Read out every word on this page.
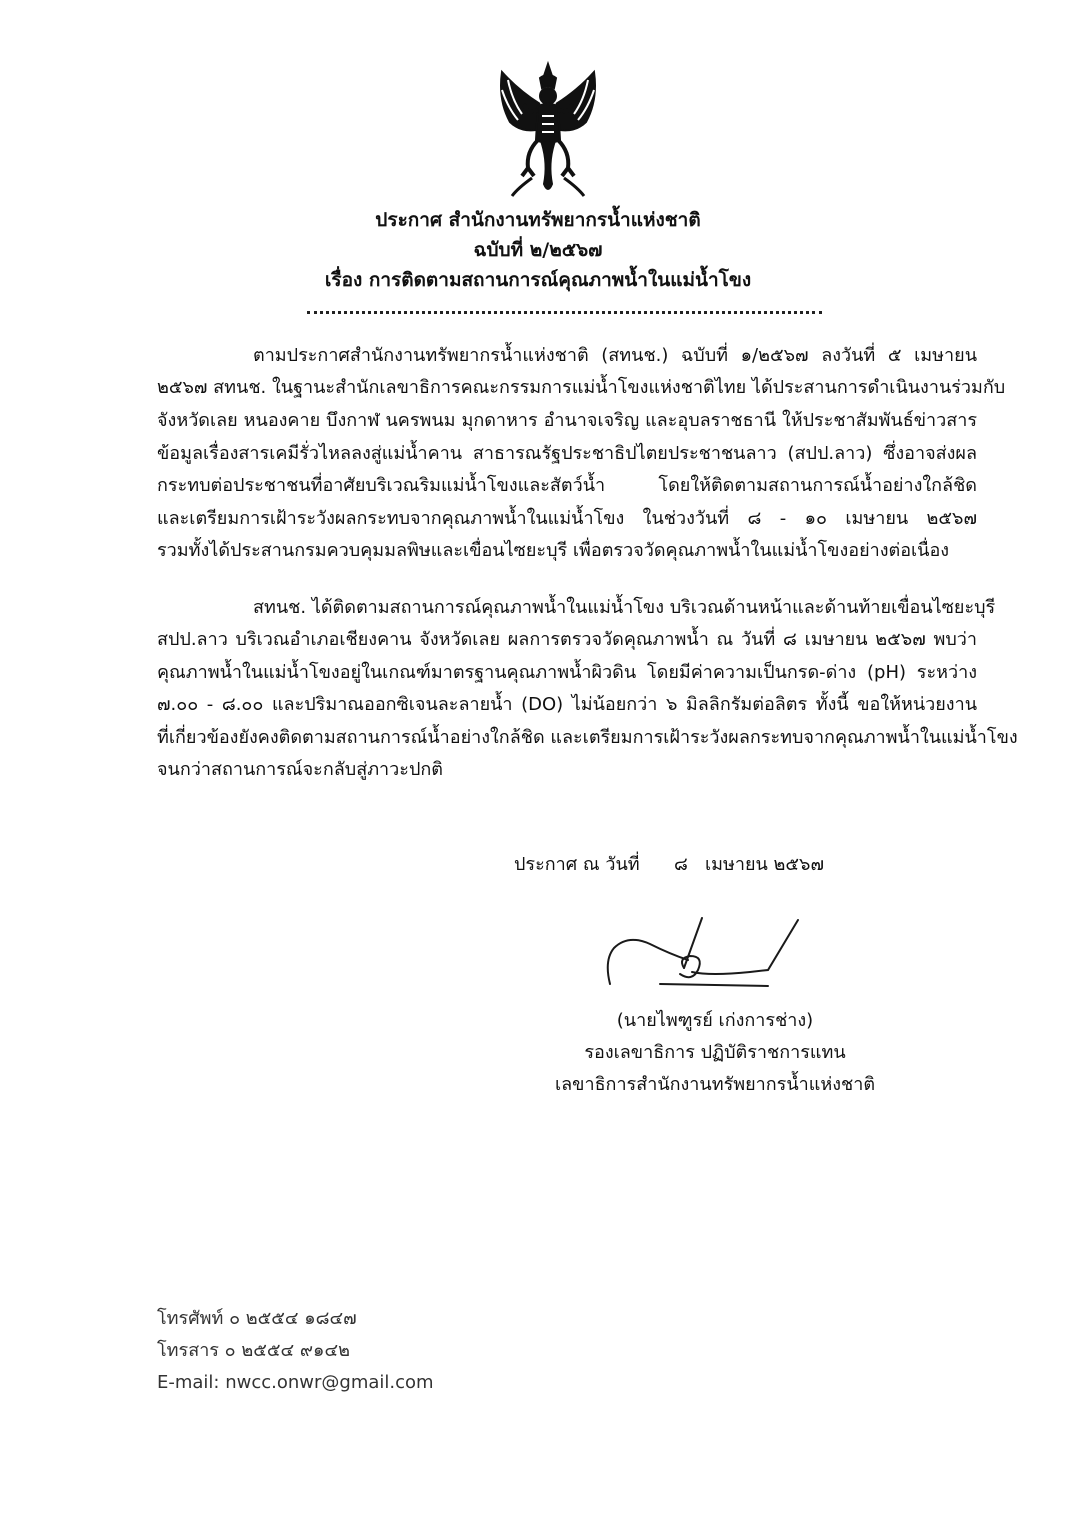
ประกาศ สำนักงานทรัพยากรน้ำแห่งชาติ
ฉบับที่ ๒/๒๕๖๗
เรื่อง การติดตามสถานการณ์คุณภาพน้ำในแม่น้ำโขง
ตามประกาศสำนักงานทรัพยากรน้ำแห่งชาติ (สทนช.) ฉบับที่ ๑/๒๕๖๗ ลงวันที่ ๕ เมษายน
๒๕๖๗ สทนช. ในฐานะสำนักเลขาธิการคณะกรรมการแม่น้ำโขงแห่งชาติไทย ได้ประสานการดำเนินงานร่วมกับ
จังหวัดเลย หนองคาย บึงกาฬ นครพนม มุกดาหาร อำนาจเจริญ และอุบลราชธานี ให้ประชาสัมพันธ์ข่าวสาร
ข้อมูลเรื่องสารเคมีรั่วไหลลงสู่แม่น้ำคาน สาธารณรัฐประชาธิปไตยประชาชนลาว (สปป.ลาว) ซึ่งอาจส่งผล
กระทบต่อประชาชนที่อาศัยบริเวณริมแม่น้ำโขงและสัตว์น้ำ โดยให้ติดตามสถานการณ์น้ำอย่างใกล้ชิด
และเตรียมการเฝ้าระวังผลกระทบจากคุณภาพน้ำในแม่น้ำโขง ในช่วงวันที่ ๘ - ๑๐ เมษายน ๒๕๖๗
รวมทั้งได้ประสานกรมควบคุมมลพิษและเขื่อนไซยะบุรี เพื่อตรวจวัดคุณภาพน้ำในแม่น้ำโขงอย่างต่อเนื่อง
สทนช. ได้ติดตามสถานการณ์คุณภาพน้ำในแม่น้ำโขง บริเวณด้านหน้าและด้านท้ายเขื่อนไซยะบุรี
สปป.ลาว บริเวณอำเภอเชียงคาน จังหวัดเลย ผลการตรวจวัดคุณภาพน้ำ ณ วันที่ ๘ เมษายน ๒๕๖๗ พบว่า
คุณภาพน้ำในแม่น้ำโขงอยู่ในเกณฑ์มาตรฐานคุณภาพน้ำผิวดิน โดยมีค่าความเป็นกรด-ด่าง (pH) ระหว่าง
๗.๐๐ - ๘.๐๐ และปริมาณออกซิเจนละลายน้ำ (DO) ไม่น้อยกว่า ๖ มิลลิกรัมต่อลิตร ทั้งนี้ ขอให้หน่วยงาน
ที่เกี่ยวข้องยังคงติดตามสถานการณ์น้ำอย่างใกล้ชิด และเตรียมการเฝ้าระวังผลกระทบจากคุณภาพน้ำในแม่น้ำโขง
จนกว่าสถานการณ์จะกลับสู่ภาวะปกติ
ประกาศ ณ วันที่      ๘   เมษายน ๒๕๖๗
(นายไพฑูรย์ เก่งการช่าง)
รองเลขาธิการ ปฏิบัติราชการแทน
เลขาธิการสำนักงานทรัพยากรน้ำแห่งชาติ
โทรศัพท์ ๐ ๒๕๕๔ ๑๘๔๗
โทรสาร ๐ ๒๕๕๔ ๙๑๔๒
E-mail: nwcc.onwr@gmail.com
